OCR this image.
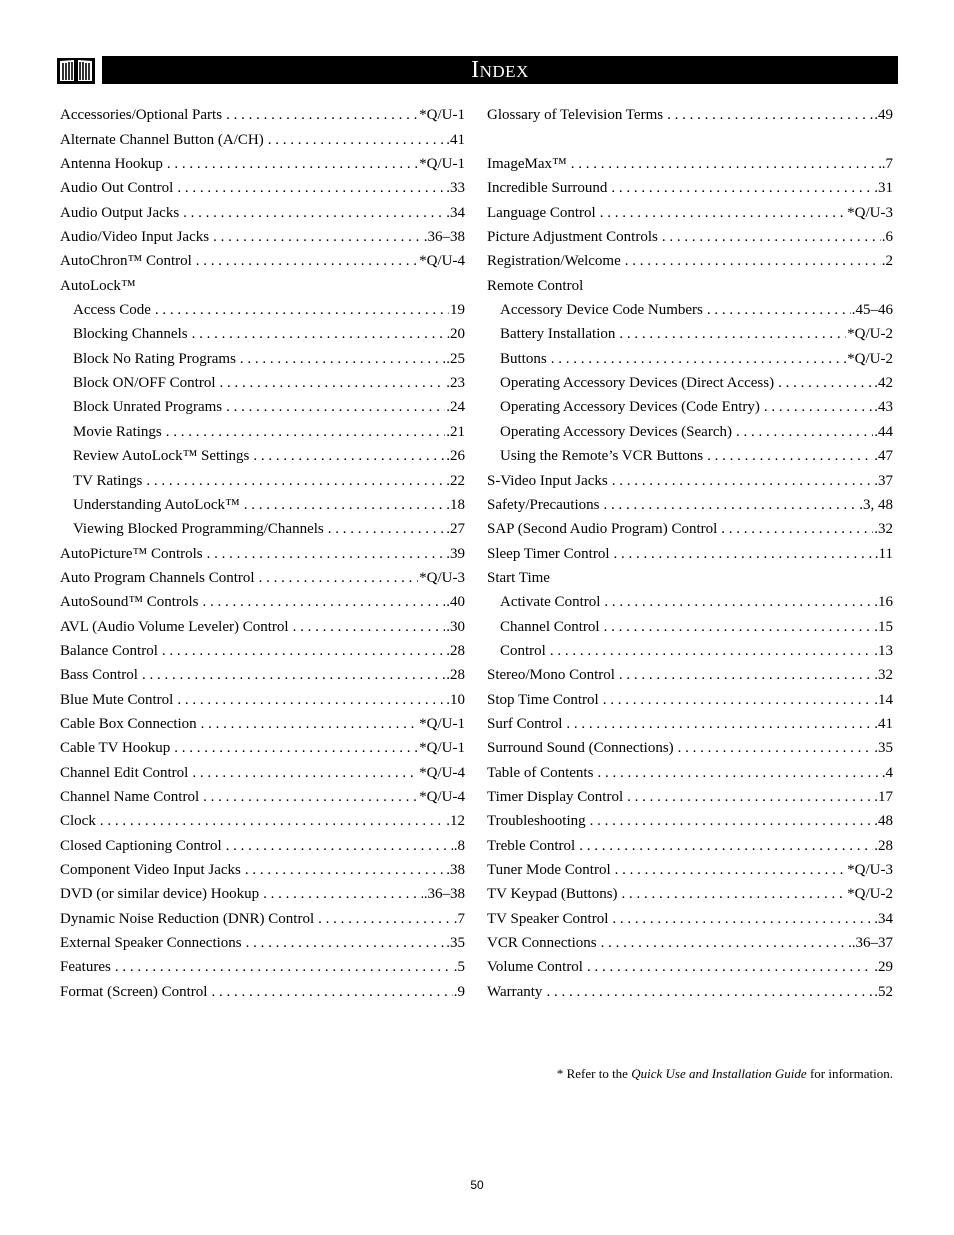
Index
Accessories/Optional Parts . . .	*Q/U-1
Alternate Channel Button (A/CH) . . .	.41
Antenna Hookup . . .	*Q/U-1
Audio Out Control . . .	.33
Audio Output Jacks . . .	.34
Audio/Video Input Jacks . . .	.36–38
AutoChron™ Control . . .	*Q/U-4
AutoLock™
Access Code . . .	19
Blocking Channels . . .	20
Block No Rating Programs . . .	.25
Block ON/OFF Control . . .	.23
Block Unrated Programs . . .	.24
Movie Ratings . . .	.21
Review AutoLock™ Settings . . .	.26
TV Ratings . . .	.22
Understanding AutoLock™ . . .	.18
Viewing Blocked Programming/Channels . . .	.27
AutoPicture™ Controls . . .	.39
Auto Program Channels Control . . .	*Q/U-3
AutoSound™ Controls . . .	.40
AVL (Audio Volume Leveler) Control . . .	.30
Balance Control . . .	.28
Bass Control . . .	.28
Blue Mute Control . . .	.10
Cable Box Connection . . .	*Q/U-1
Cable TV Hookup . . .	*Q/U-1
Channel Edit Control . . .	*Q/U-4
Channel Name Control . . .	*Q/U-4
Clock . . .	.12
Closed Captioning Control . . .	.8
Component Video Input Jacks . . .	.38
DVD (or similar device) Hookup . . .	.36–38
Dynamic Noise Reduction (DNR) Control . . .	.7
External Speaker Connections . . .	.35
Features . . .	.5
Format (Screen) Control . . .	.9
Glossary of Television Terms . . .	.49
ImageMax™ . . .	.7
Incredible Surround . . .	.31
Language Control . . .	*Q/U-3
Picture Adjustment Controls . . .	.6
Registration/Welcome . . .	.2
Remote Control
Accessory Device Code Numbers . . .	.45–46
Battery Installation . . .	*Q/U-2
Buttons . . .	*Q/U-2
Operating Accessory Devices (Direct Access) . . .	.42
Operating Accessory Devices (Code Entry) . . .	.43
Operating Accessory Devices (Search) . . .	.44
Using the Remote’s VCR Buttons . . .	.47
S-Video Input Jacks . . .	.37
Safety/Precautions . . .	.3, 48
SAP (Second Audio Program) Control . . .	.32
Sleep Timer Control . . .	.11
Start Time
Activate Control . . .	.16
Channel Control . . .	.15
Control . . .	.13
Stereo/Mono Control . . .	.32
Stop Time Control . . .	.14
Surf Control . . .	.41
Surround Sound (Connections) . . .	.35
Table of Contents . . .	.4
Timer Display Control . . .	.17
Troubleshooting . . .	.48
Treble Control . . .	.28
Tuner Mode Control . . .	*Q/U-3
TV Keypad (Buttons) . . .	*Q/U-2
TV Speaker Control . . .	.34
VCR Connections . . .	.36–37
Volume Control . . .	.29
Warranty . . .	.52
* Refer to the Quick Use and Installation Guide for information.
50
